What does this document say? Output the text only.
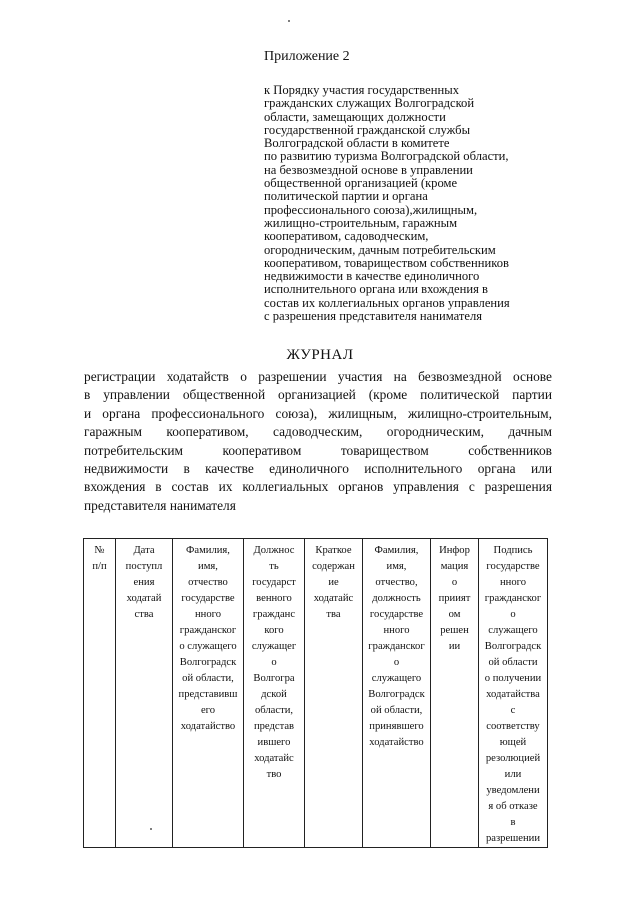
Приложение 2
к Порядку участия государственных
гражданских служащих Волгоградской
области, замещающих должности
государственной гражданской службы
Волгоградской области в комитете
по развитию туризма Волгоградской области,
на безвозмездной основе в управлении
общественной организацией (кроме
политической партии и органа
профессионального союза),жилищным,
жилищно-строительным, гаражным
кооперативом, садоводческим,
огородническим, дачным потребительским
кооперативом, товариществом собственников
недвижимости в качестве единоличного
исполнительного органа или вхождения в
состав их коллегиальных органов управления
с разрешения представителя нанимателя
ЖУРНАЛ
регистрации ходатайств о разрешении участия на безвозмездной основе
в управлении общественной организацией (кроме политической партии
и органа профессионального союза), жилищным, жилищно-строительным,
гаражным кооперативом, садоводческим, огородническим, дачным
потребительским кооперативом товариществом собственников
недвижимости в качестве единоличного исполнительного органа или
вхождения в состав их коллегиальных органов управления с разрешения
представителя нанимателя
№
п/п	Дата
поступл
ения
ходатай
ства	Фамилия,
имя,
отчество
государстве
нного
гражданског
о служащего
Волгоградск
ой области,
представивш
его
ходатайство	Должнос
ть
государст
венного
гражданс
кого
служащег
о
Волгогра
дской
области,
представ
ившего
ходатайс
тво	Краткое
содержан
ие
ходатайс
тва	Фамилия,
имя,
отчество,
должность
государстве
нного
гражданског
о
служащего
Волгоградск
ой области,
принявшего
ходатайство	Инфор
мация
о
приият
ом
решен
ии	Подпись
государстве
нного
гражданског
о
служащего
Волгоградск
ой области
о получении
ходатайства
с
соответству
ющей
резолюцией
или
уведомлени
я об отказе
в
разрешении
